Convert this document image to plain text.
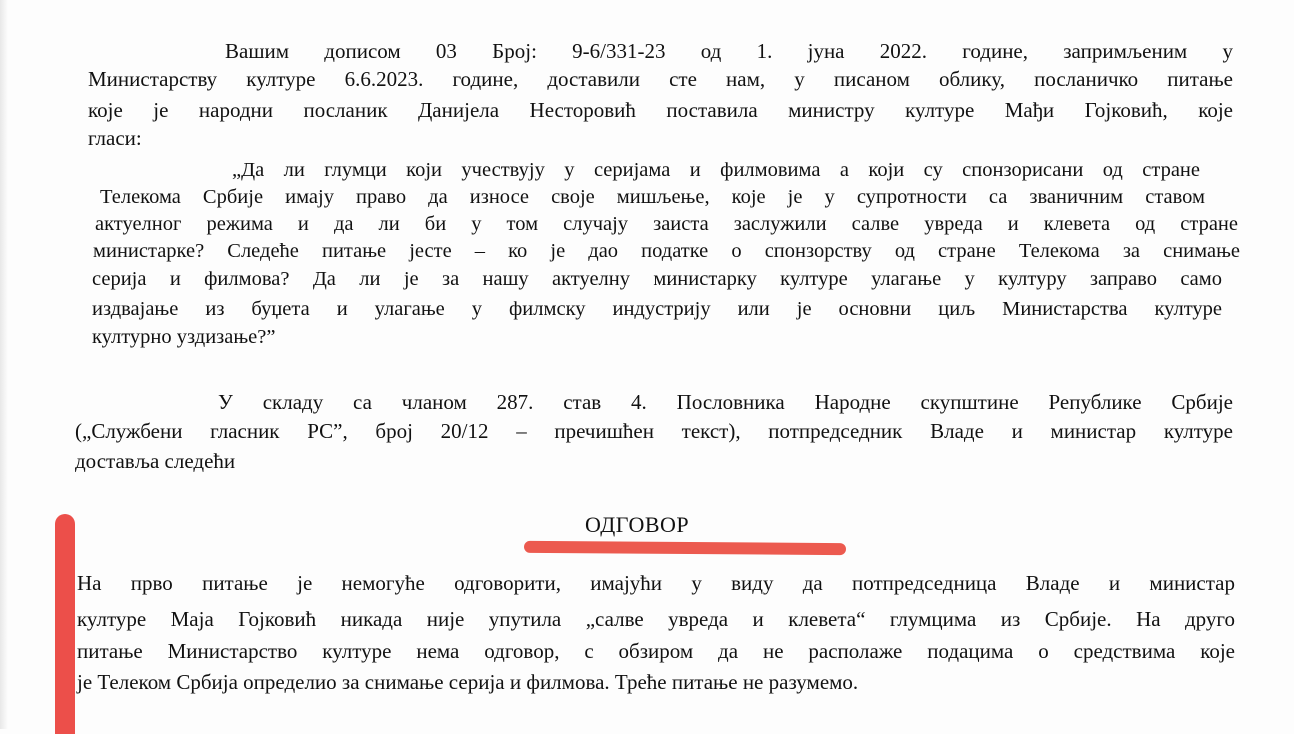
Вашим дописом 03 Број: 9-6/331-23 од 1. јуна 2022. године, запримљеним у
Министарству културе 6.6.2023. године, доставили сте нам, у писаном облику, посланичко питање
које је народни посланик Данијела Несторовић поставила министру културе Мађи Гојковић, које
гласи:
„Да ли глумци који учествују у серијама и филмовима а који су спонзорисани од стране
Телекома Србије имају право да износе своје мишљење, које је у супротности са званичним ставом
актуелног режима и да ли би у том случају заиста заслужили салве увреда и клевета од стране
министарке? Следеће питање јесте – ко је дао податке о спонзорству од стране Телекома за снимање
серија и филмова? Да ли је за нашу актуелну министарку културе улагање у културу заправо само
издвајање из буџета и улагање у филмску индустрију или је основни циљ Министарства културе
културно уздизање?”
У складу са чланом 287. став 4. Пословника Народне скупштине Републике Србије
(„Службени гласник РС”, број 20/12 – пречишћен текст), потпредседник Владе и министар културе
доставља следећи
ОДГОВОР
На прво питање је немогуће одговорити, имајући у виду да потпредседница Владе и министар
културе Маја Гојковић никада није упутила „салве увреда и клевета“ глумцима из Србије. На друго
питање Министарство културе нема одговор, с обзиром да не располаже подацима о средствима које
је Телеком Србија определио за снимање серија и филмова. Треће питање не разумемо.
